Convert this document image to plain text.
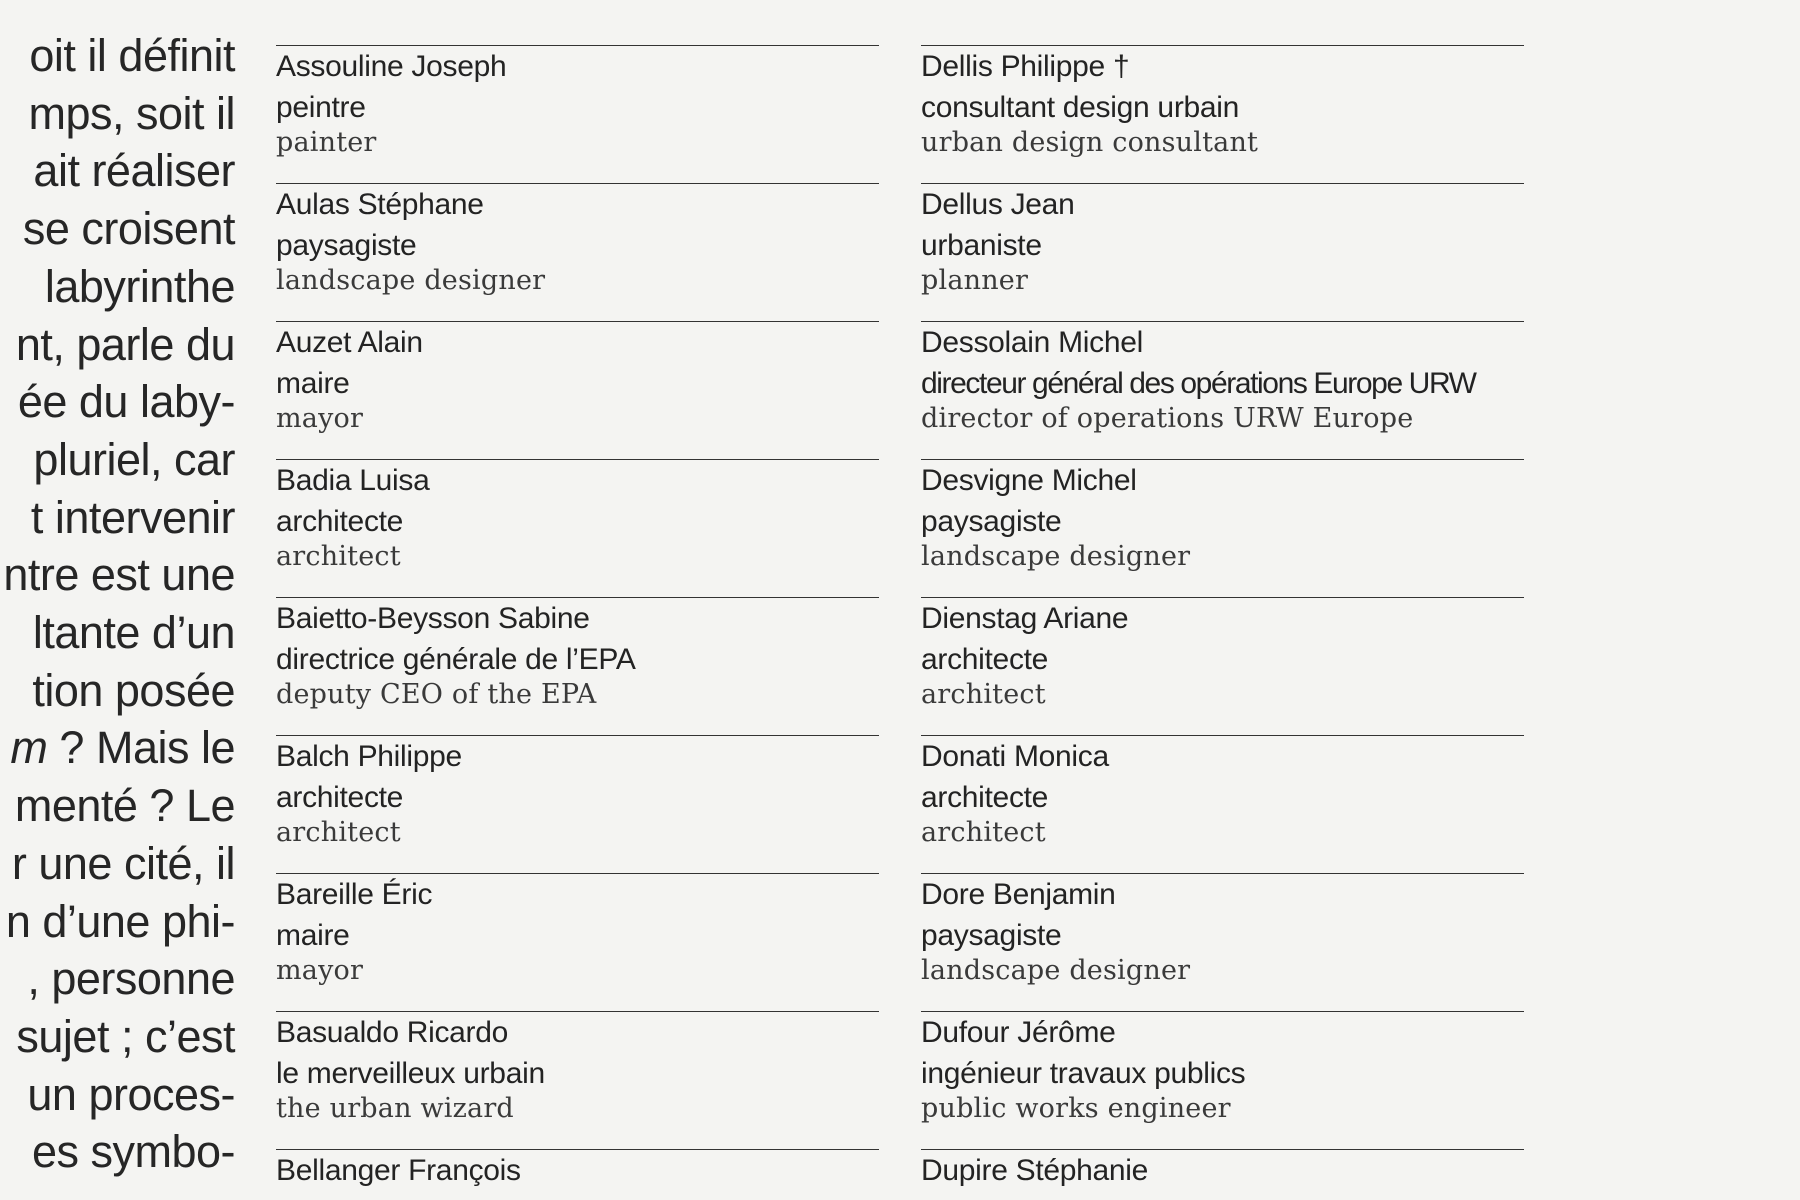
oit il définit
mps, soit il
ait réaliser
se croisent
labyrinthe
nt, parle du
ée du laby-
pluriel, car
t intervenir
ntre est une
ltante d’un
tion posée
m ? Mais le
menté ? Le
r une cité, il
n d’une phi-
, personne
sujet ; c’est
un proces-
es symbo-
Assouline Joseph
peintre
painter
Aulas Stéphane
paysagiste
landscape designer
Auzet Alain
maire
mayor
Badia Luisa
architecte
architect
Baietto-Beysson Sabine
directrice générale de l’EPA
deputy CEO of the EPA
Balch Philippe
architecte
architect
Bareille Éric
maire
mayor
Basualdo Ricardo
le merveilleux urbain
the urban wizard
Bellanger François
Dellis Philippe †
consultant design urbain
urban design consultant
Dellus Jean
urbaniste
planner
Dessolain Michel
directeur général des opérations Europe URW
director of operations URW Europe
Desvigne Michel
paysagiste
landscape designer
Dienstag Ariane
architecte
architect
Donati Monica
architecte
architect
Dore Benjamin
paysagiste
landscape designer
Dufour Jérôme
ingénieur travaux publics
public works engineer
Dupire Stéphanie
